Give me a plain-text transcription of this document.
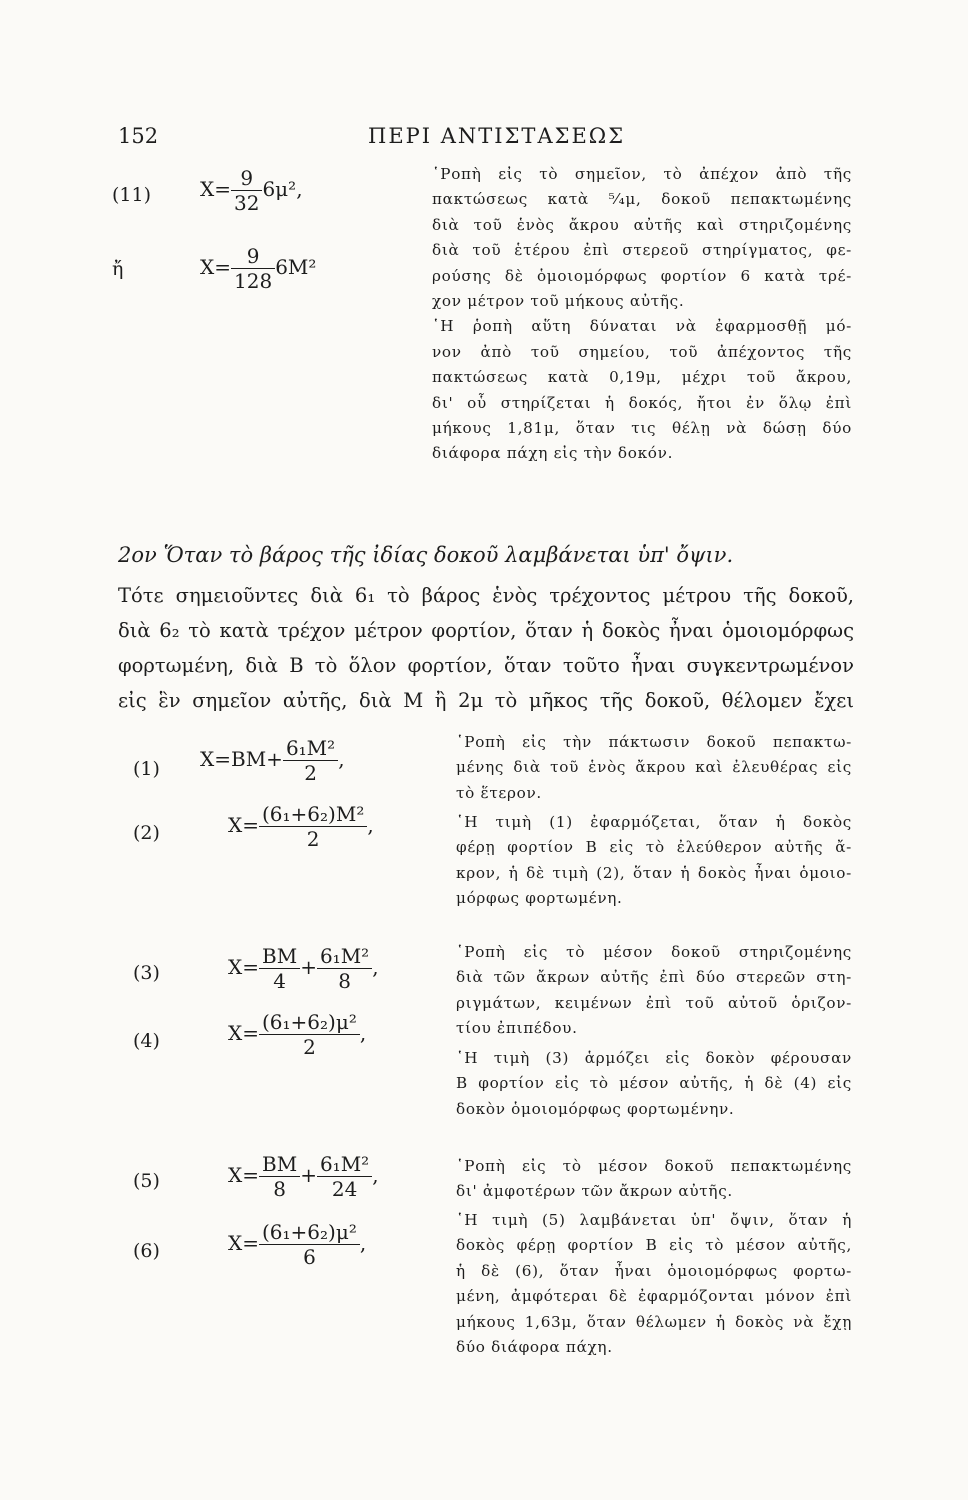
152	ΠΕΡΙ ΑΝΤΙΣΤΑΣΕΩΣ
(11) $X= \frac{9}{32} 6\mu^2$,
ἤ	$X= \frac{9}{128} 6M^2$
῾Ροπὴ εἰς τὸ σημεῖον, τὸ ἀπέχον ἀπὸ τῆς
πακτώσεως κατὰ ⁵⁄₄μ, δοκοῦ πεπακτωμένης
διὰ τοῦ ἑνὸς ἄκρου αὐτῆς καὶ στηριζομένης
διὰ τοῦ ἑτέρου ἐπὶ στερεοῦ στηρίγματος, φε-
ρούσης δὲ ὁμοιομόρφως φορτίον 6 κατὰ τρέ-
χον μέτρον τοῦ μήκους αὐτῆς.
῾Η ῥοπὴ αὕτη δύναται νὰ ἐφαρμοσθῇ μό-
νον ἀπὸ τοῦ σημείου, τοῦ ἀπέχοντος τῆς
πακτώσεως κατὰ 0,19μ, μέχρι τοῦ ἄκρου,
δι' οὗ στηρίζεται ἡ δοκός, ἤτοι ἐν ὅλῳ ἐπὶ
μήκους 1,81μ, ὅταν τις θέλῃ νὰ δώσῃ δύο
διάφορα πάχη εἰς τὴν δοκόν.
2ον Ὅταν τὸ βάρος τῆς ἰδίας δοκοῦ λαμβάνεται ὑπ' ὄψιν.
Τότε σημειοῦντες διὰ 6₁ τὸ βάρος ἑνὸς τρέχοντος μέτρου τῆς δοκοῦ,
διὰ 6₂ τὸ κατὰ τρέχον μέτρον φορτίον, ὅταν ἡ δοκὸς ἦναι ὁμοιομόρφως
φορτωμένη, διὰ B τὸ ὅλον φορτίον, ὅταν τοῦτο ἦναι συγκεντρωμένον
εἰς ἓν σημεῖον αὐτῆς, διὰ M ἢ 2μ τὸ μῆκος τῆς δοκοῦ, θέλομεν ἔχει
(1) $X=BM+ \frac{\text{6₁M²}}{2}$ ,
(2)	$X= \frac{\text{(6₁+6₂)M²}}{2}$ ,
(3)	$X= \frac{BM}{4} + \frac{\text{6₁M²}}{8}$ ,
(4)	$X= \frac{\text{(6₁+6₂)μ²}}{2}$ ,
(5)	$X= \frac{BM}{8} + \frac{\text{6₁M²}}{24}$ ,
(6)	$X= \frac{\text{(6₁+6₂)μ²}}{6}$ ,
῾Ροπὴ εἰς τὴν πάκτωσιν δοκοῦ πεπακτω-
μένης διὰ τοῦ ἑνὸς ἄκρου καὶ ἐλευθέρας εἰς
τὸ ἕτερον.
῾Η τιμὴ (1) ἐφαρμόζεται, ὅταν ἡ δοκὸς
φέρῃ φορτίον B εἰς τὸ ἐλεύθερον αὐτῆς ἄ-
κρον, ἡ δὲ τιμὴ (2), ὅταν ἡ δοκὸς ἦναι ὁμοιο-
μόρφως φορτωμένη.
῾Ροπὴ εἰς τὸ μέσον δοκοῦ στηριζομένης
διὰ τῶν ἄκρων αὐτῆς ἐπὶ δύο στερεῶν στη-
ριγμάτων, κειμένων ἐπὶ τοῦ αὐτοῦ ὁριζον-
τίου ἐπιπέδου.
῾Η τιμὴ (3) ἁρμόζει εἰς δοκὸν φέρουσαν
B φορτίον εἰς τὸ μέσον αὐτῆς, ἡ δὲ (4) εἰς
δοκὸν ὁμοιομόρφως φορτωμένην.
῾Ροπὴ εἰς τὸ μέσον δοκοῦ πεπακτωμένης
δι' ἀμφοτέρων τῶν ἄκρων αὐτῆς.
῾Η τιμὴ (5) λαμβάνεται ὑπ' ὄψιν, ὅταν ἡ
δοκὸς φέρῃ φορτίον B εἰς τὸ μέσον αὐτῆς,
ἡ δὲ (6), ὅταν ἦναι ὁμοιομόρφως φορτω-
μένη, ἀμφότεραι δὲ ἐφαρμόζονται μόνον ἐπὶ
μήκους 1,63μ, ὅταν θέλωμεν ἡ δοκὸς νὰ ἔχῃ
δύο διάφορα πάχη.
